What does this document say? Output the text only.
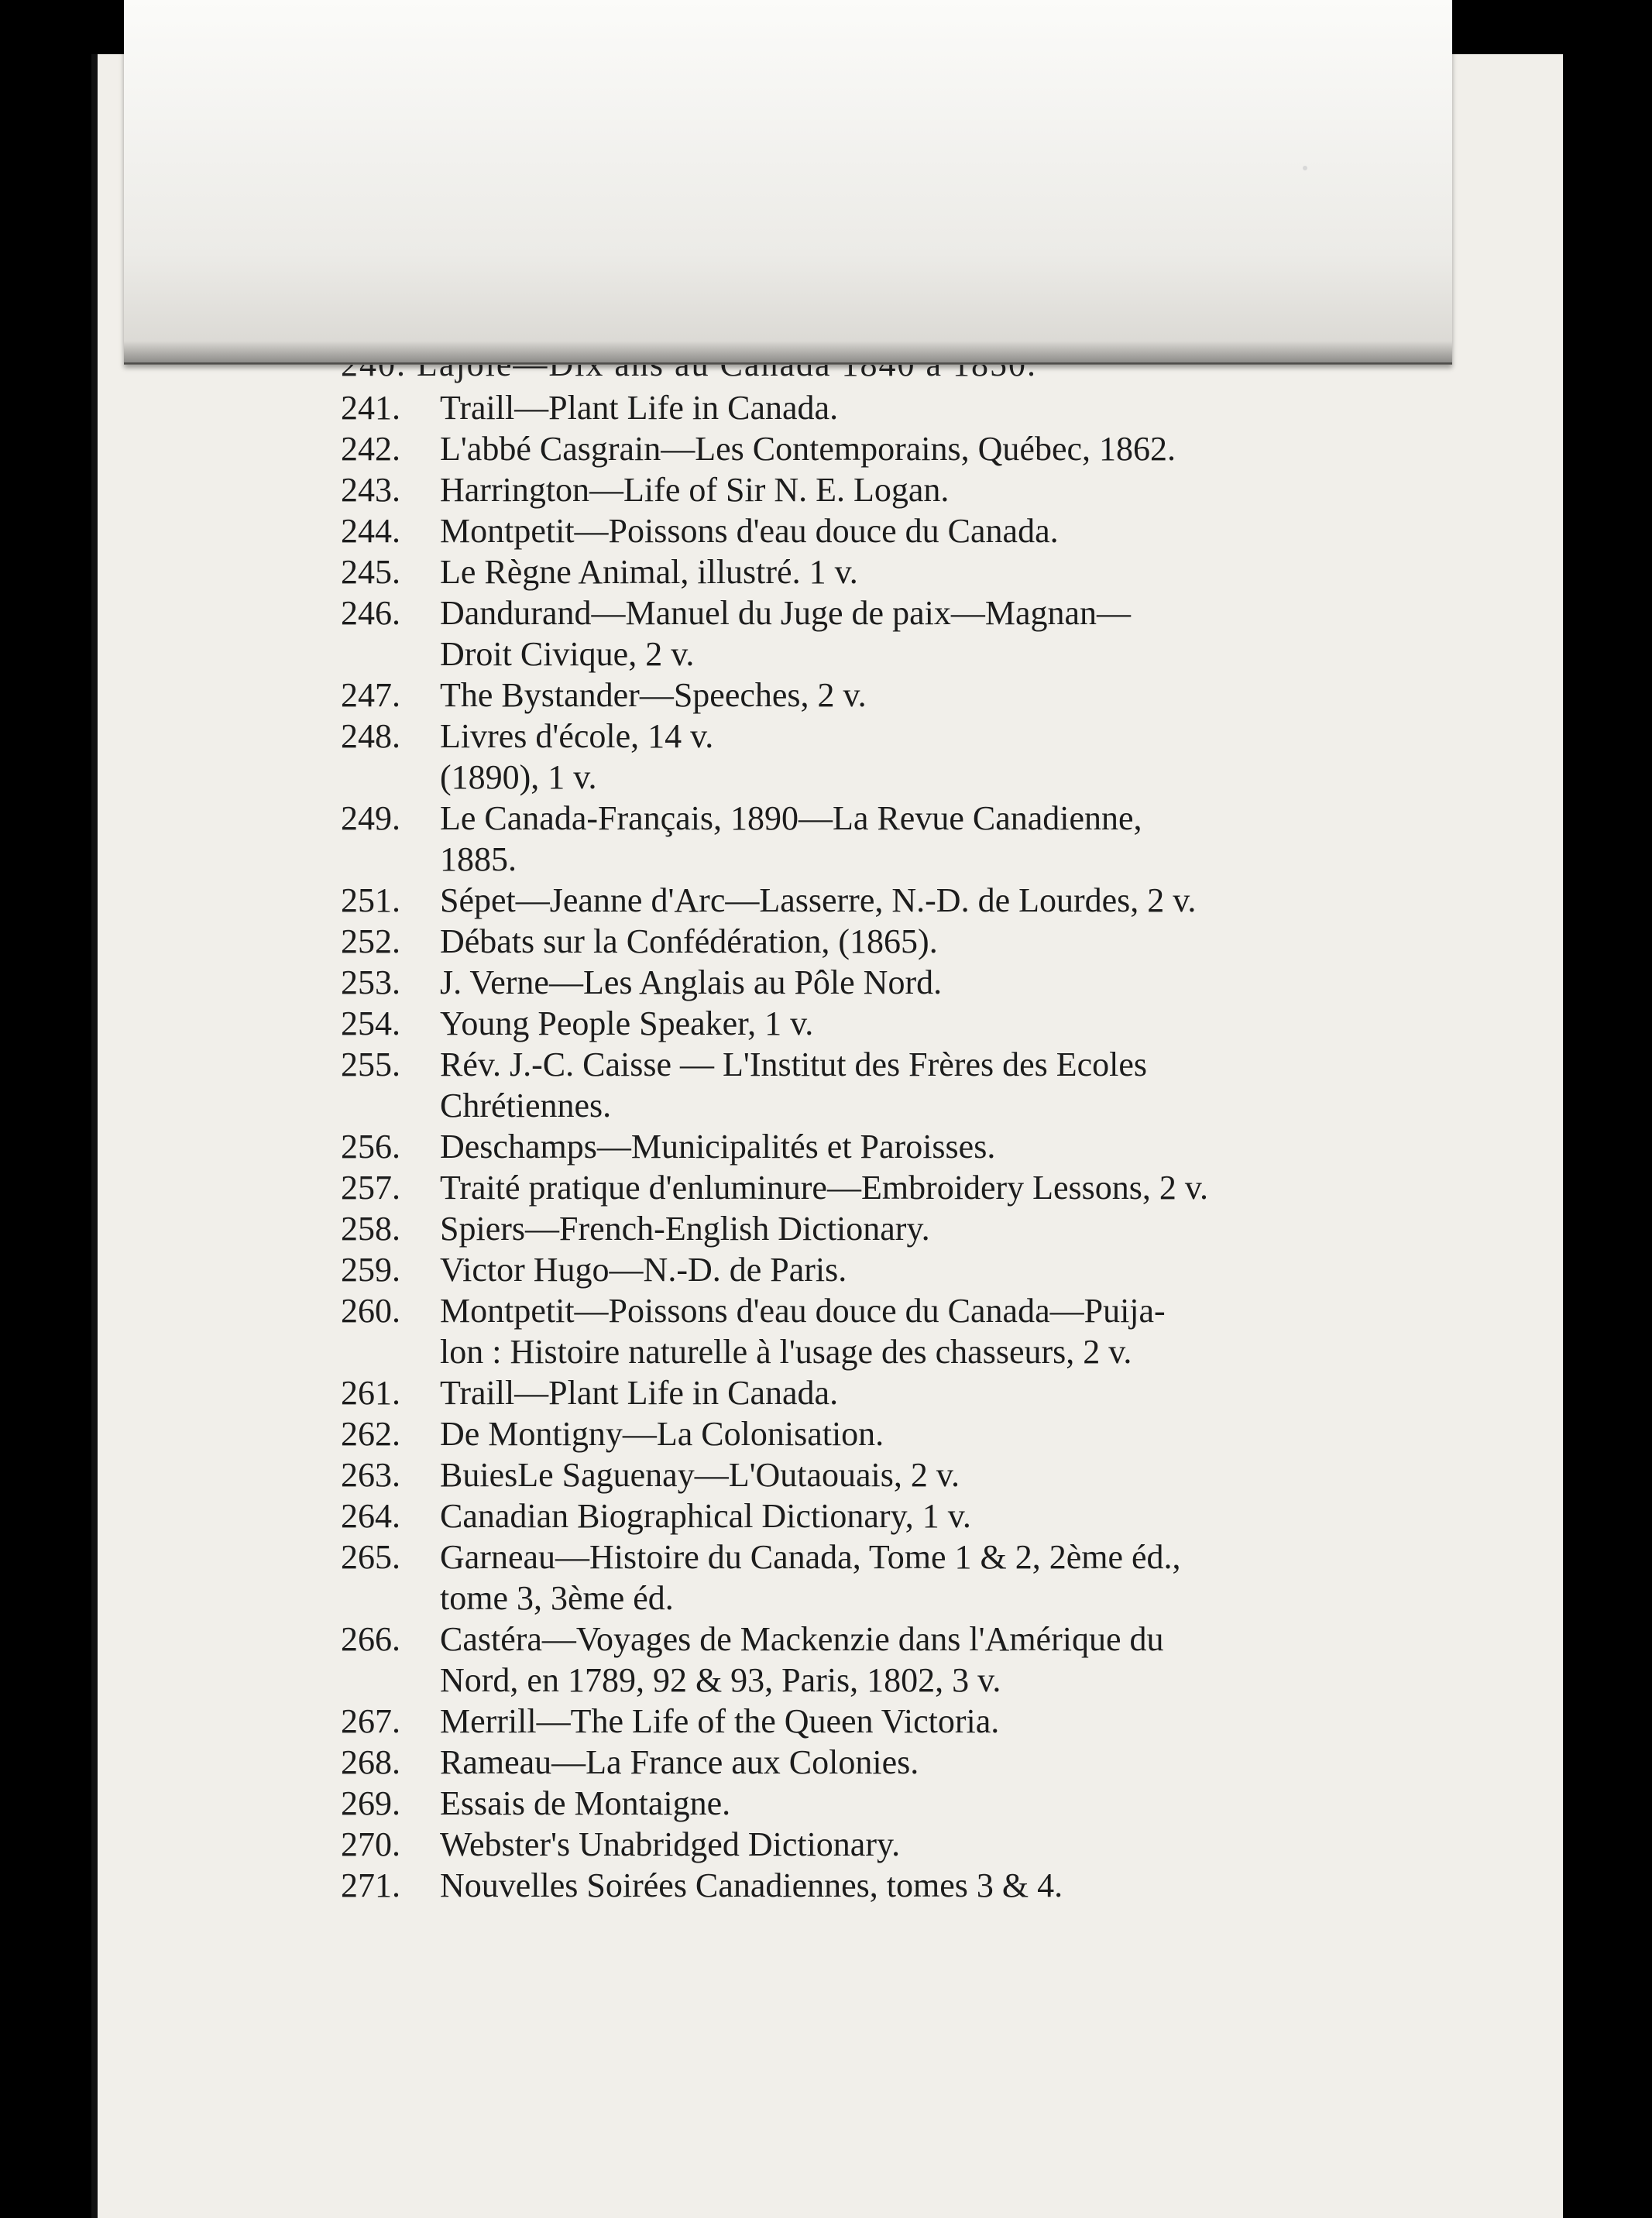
241.	Traill—Plant Life in Canada.
242.	L'abbé Casgrain—Les Contemporains, Québec, 1862.
243.	Harrington—Life of Sir N. E. Logan.
244.	Montpetit—Poissons d'eau douce du Canada.
245.	Le Règne Animal, illustré. 1 v.
246.	Dandurand—Manuel du Juge de paix—Magnan—
Droit Civique, 2 v.
247.	The Bystander—Speeches, 2 v.
248.	Livres d'école, 14 v.
(1890), 1 v.
249.	Le Canada-Français, 1890—La Revue Canadienne,
1885.
251.	Sépet—Jeanne d'Arc—Lasserre, N.-D. de Lourdes, 2 v.
252.	Débats sur la Confédération, (1865).
253.	J. Verne—Les Anglais au Pôle Nord.
254.	Young People Speaker, 1 v.
255.	Rév. J.-C. Caisse — L'Institut des Frères des Ecoles
Chrétiennes.
256.	Deschamps—Municipalités et Paroisses.
257.	Traité pratique d'enluminure—Embroidery Lessons, 2 v.
258.	Spiers—French-English Dictionary.
259.	Victor Hugo—N.-D. de Paris.
260.	Montpetit—Poissons d'eau douce du Canada—Puija-
lon : Histoire naturelle à l'usage des chasseurs, 2 v.
261.	Traill—Plant Life in Canada.
262.	De Montigny—La Colonisation.
263.	BuiesLe Saguenay—L'Outaouais, 2 v.
264.	Canadian Biographical Dictionary, 1 v.
265.	Garneau—Histoire du Canada, Tome 1 & 2, 2ème éd.,
tome 3, 3ème éd.
266.	Castéra—Voyages de Mackenzie dans l'Amérique du
Nord, en 1789, 92 & 93, Paris, 1802, 3 v.
267.	Merrill—The Life of the Queen Victoria.
268.	Rameau—La France aux Colonies.
269.	Essais de Montaigne.
270.	Webster's Unabridged Dictionary.
271.	Nouvelles Soirées Canadiennes, tomes 3 & 4.
